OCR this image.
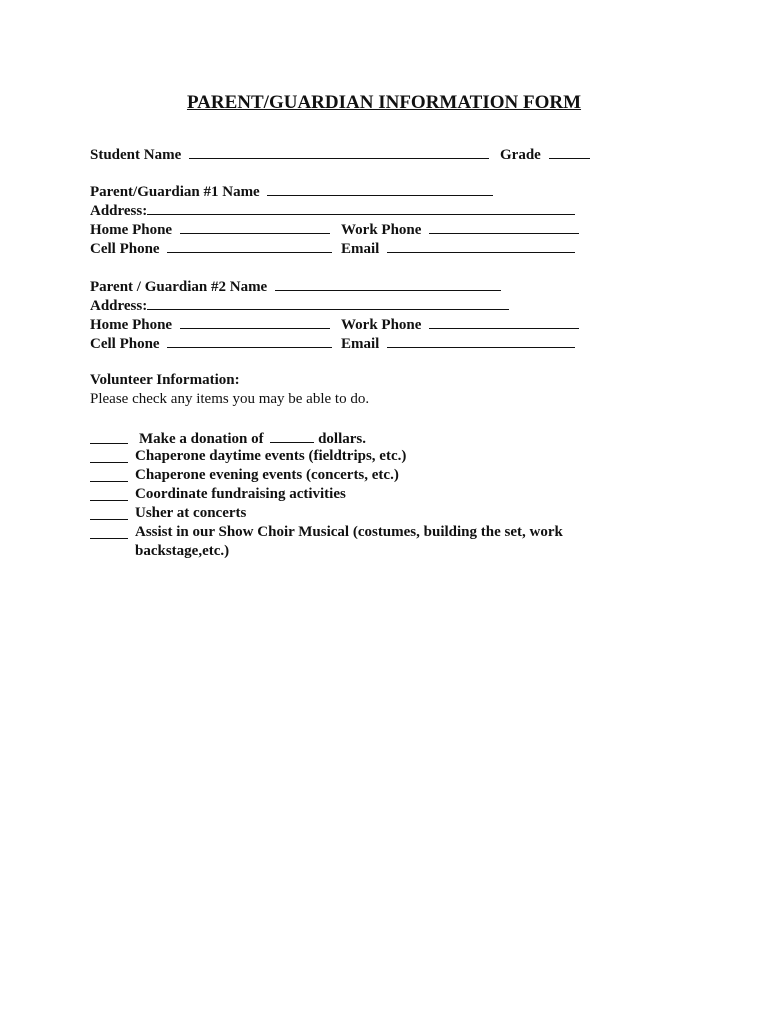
PARENT/GUARDIAN INFORMATION FORM
Student Name	Grade
Parent/Guardian #1 Name
Address:
Home Phone	Work Phone
Cell Phone	Email
Parent / Guardian #2 Name
Address:
Home Phone	Work Phone
Cell Phone	Email
Volunteer Information:
Please check any items you may be able to do.
Make a donation of	dollars.
Chaperone daytime events (fieldtrips, etc.)
Chaperone evening events (concerts, etc.)
Coordinate fundraising activities
Usher at concerts
Assist in our Show Choir Musical (costumes, building the set, work
backstage,etc.)
